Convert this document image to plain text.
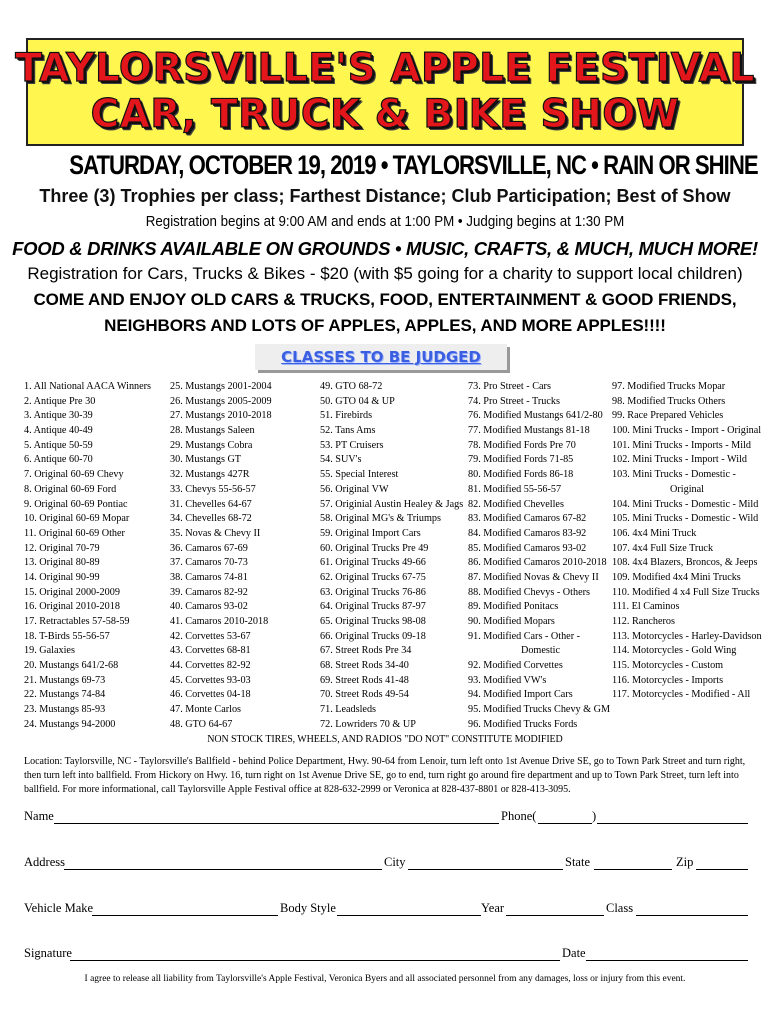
TAYLORSVILLE'S APPLE FESTIVAL
CAR, TRUCK & BIKE SHOW
SATURDAY, OCTOBER 19, 2019 • TAYLORSVILLE, NC • RAIN OR SHINE
Three (3) Trophies per class; Farthest Distance; Club Participation; Best of Show
Registration begins at 9:00 AM and ends at 1:00 PM • Judging begins at 1:30 PM
FOOD & DRINKS AVAILABLE ON GROUNDS • MUSIC, CRAFTS, & MUCH, MUCH MORE!
Registration for Cars, Trucks & Bikes - $20 (with $5 going for a charity to support local children)
COME AND ENJOY OLD CARS & TRUCKS, FOOD, ENTERTAINMENT & GOOD FRIENDS,
NEIGHBORS AND LOTS OF APPLES, APPLES, AND MORE APPLES!!!!
CLASSES TO BE JUDGED
1. All National AACA Winners
2. Antique Pre 30
3. Antique 30-39
4. Antique 40-49
5. Antique 50-59
6. Antique 60-70
7. Original 60-69 Chevy
8. Original 60-69 Ford
9. Original 60-69 Pontiac
10. Original 60-69 Mopar
11. Original 60-69 Other
12. Original 70-79
13. Original 80-89
14. Original 90-99
15. Original 2000-2009
16. Original 2010-2018
17. Retractables 57-58-59
18. T-Birds 55-56-57
19. Galaxies
20. Mustangs 641/2-68
21. Mustangs 69-73
22. Mustangs 74-84
23. Mustangs 85-93
24. Mustangs 94-2000
25. Mustangs 2001-2004
26. Mustangs 2005-2009
27. Mustangs 2010-2018
28. Mustangs Saleen
29. Mustangs Cobra
30. Mustangs GT
32. Mustangs 427R
33. Chevys 55-56-57
31. Chevelles 64-67
34. Chevelles 68-72
35. Novas & Chevy II
36. Camaros 67-69
37. Camaros 70-73
38. Camaros 74-81
39. Camaros 82-92
40. Camaros 93-02
41. Camaros 2010-2018
42. Corvettes 53-67
43. Corvettes 68-81
44. Corvettes 82-92
45. Corvettes 93-03
46. Corvettes 04-18
47. Monte Carlos
48. GTO 64-67
49. GTO 68-72
50. GTO 04 & UP
51. Firebirds
52. Tans Ams
53. PT Cruisers
54. SUV's
55. Special Interest
56. Original VW
57. Originial Austin Healey & Jags
58. Original MG's & Triumps
59. Original Import Cars
60. Original Trucks Pre 49
61. Original Trucks 49-66
62. Original Trucks 67-75
63. Original Trucks 76-86
64. Original Trucks 87-97
65. Original Trucks 98-08
66. Original Trucks 09-18
67. Street Rods Pre 34
68. Street Rods 34-40
69. Street Rods 41-48
70. Street Rods 49-54
71. Leadsleds
72. Lowriders 70 & UP
73. Pro Street - Cars
74. Pro Street - Trucks
76. Modified Mustangs 641/2-80
77. Modified Mustangs 81-18
78. Modified Fords Pre 70
79. Modified Fords 71-85
80. Modified Fords 86-18
81. Modified 55-56-57
82. Modified Chevelles
83. Modified Camaros 67-82
84. Modified Camaros 83-92
85. Modified Camaros 93-02
86. Modified Camaros 2010-2018
87. Modified Novas & Chevy II
88. Modified Chevys - Others
89. Modified Ponitacs
90. Modified Mopars
91. Modified Cars - Other -
Domestic
92. Modified Corvettes
93. Modified VW's
94. Modified Import Cars
95. Modified Trucks Chevy & GM
96. Modified Trucks Fords
97. Modified Trucks Mopar
98. Modified Trucks Others
99. Race Prepared Vehicles
100. Mini Trucks - Import - Original
101. Mini Trucks - Imports - Mild
102. Mini Trucks - Import - Wild
103. Mini Trucks - Domestic -
Original
104. Mini Trucks - Domestic - Mild
105. Mini Trucks - Domestic - Wild
106. 4x4 Mini Truck
107. 4x4 Full Size Truck
108. 4x4 Blazers, Broncos, & Jeeps
109. Modified 4x4 Mini Trucks
110. Modified 4 x4 Full Size Trucks
111. El Caminos
112. Rancheros
113. Motorcycles - Harley-Davidson
114. Motorcycles - Gold Wing
115. Motorcycles - Custom
116. Motorcycles - Imports
117. Motorcycles - Modified - All
NON STOCK TIRES, WHEELS, AND RADIOS "DO NOT" CONSTITUTE MODIFIED
Location: Taylorsville, NC - Taylorsville's Ballfield - behind Police Department, Hwy. 90-64 from Lenoir, turn left onto 1st Avenue Drive SE, go to Town Park Street and turn right, then turn left into ballfield. From Hickory on Hwy. 16, turn right on 1st Avenue Drive SE, go to end, turn right go around fire department and up to Town Park Street, turn left into ballfield. For more informational, call Taylorsville Apple Festival office at 828-632-2999 or Veronica at 828-437-8801 or 828-413-3095.
Name	Phone(	)
Address	City	State	Zip
Vehicle Make	Body Style	Year	Class
Signature	Date
I agree to release all liability from Taylorsville's Apple Festival, Veronica Byers and all associated personnel from any damages, loss or injury from this event.
